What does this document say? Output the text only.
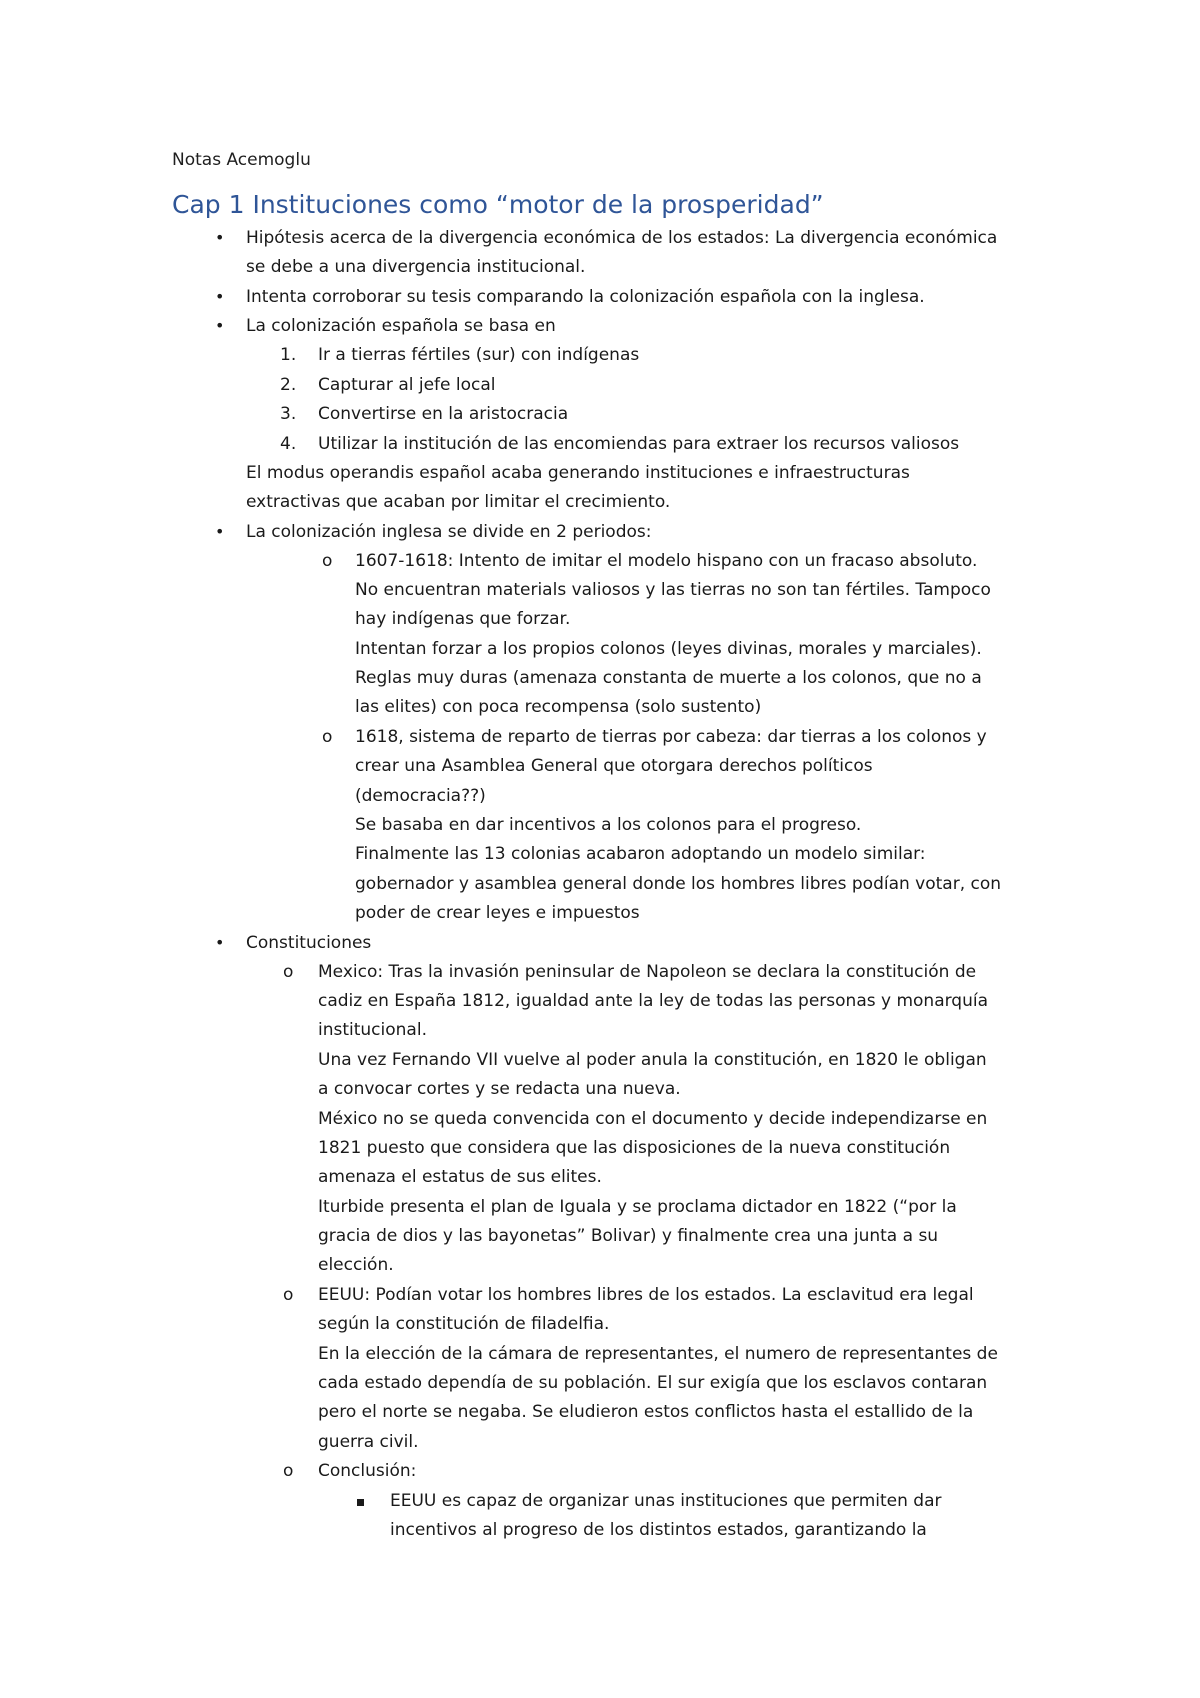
Notas Acemoglu
Cap 1 Instituciones como “motor de la prosperidad”
• Hipótesis acerca de la divergencia económica de los estados: La divergencia económica
se debe a una divergencia institucional.
• Intenta corroborar su tesis comparando la colonización española con la inglesa.
• La colonización española se basa en
1. Ir a tierras fértiles (sur) con indígenas
2. Capturar al jefe local
3. Convertirse en la aristocracia
4. Utilizar la institución de las encomiendas para extraer los recursos valiosos
El modus operandis español acaba generando instituciones e infraestructuras
extractivas que acaban por limitar el crecimiento.
• La colonización inglesa se divide en 2 periodos:
o 1607-1618: Intento de imitar el modelo hispano con un fracaso absoluto.
No encuentran materials valiosos y las tierras no son tan fértiles. Tampoco
hay indígenas que forzar.
Intentan forzar a los propios colonos (leyes divinas, morales y marciales).
Reglas muy duras (amenaza constanta de muerte a los colonos, que no a
las elites) con poca recompensa (solo sustento)
o 1618, sistema de reparto de tierras por cabeza: dar tierras a los colonos y
crear una Asamblea General que otorgara derechos políticos
(democracia??)
Se basaba en dar incentivos a los colonos para el progreso.
Finalmente las 13 colonias acabaron adoptando un modelo similar:
gobernador y asamblea general donde los hombres libres podían votar, con
poder de crear leyes e impuestos
• Constituciones
o Mexico: Tras la invasión peninsular de Napoleon se declara la constitución de
cadiz en España 1812, igualdad ante la ley de todas las personas y monarquía
institucional.
Una vez Fernando VII vuelve al poder anula la constitución, en 1820 le obligan
a convocar cortes y se redacta una nueva.
México no se queda convencida con el documento y decide independizarse en
1821 puesto que considera que las disposiciones de la nueva constitución
amenaza el estatus de sus elites.
Iturbide presenta el plan de Iguala y se proclama dictador en 1822 (“por la
gracia de dios y las bayonetas” Bolivar) y finalmente crea una junta a su
elección.
o EEUU: Podían votar los hombres libres de los estados. La esclavitud era legal
según la constitución de filadelfia.
En la elección de la cámara de representantes, el numero de representantes de
cada estado dependía de su población. El sur exigía que los esclavos contaran
pero el norte se negaba. Se eludieron estos conflictos hasta el estallido de la
guerra civil.
o Conclusión:
EEUU es capaz de organizar unas instituciones que permiten dar
incentivos al progreso de los distintos estados, garantizando la
